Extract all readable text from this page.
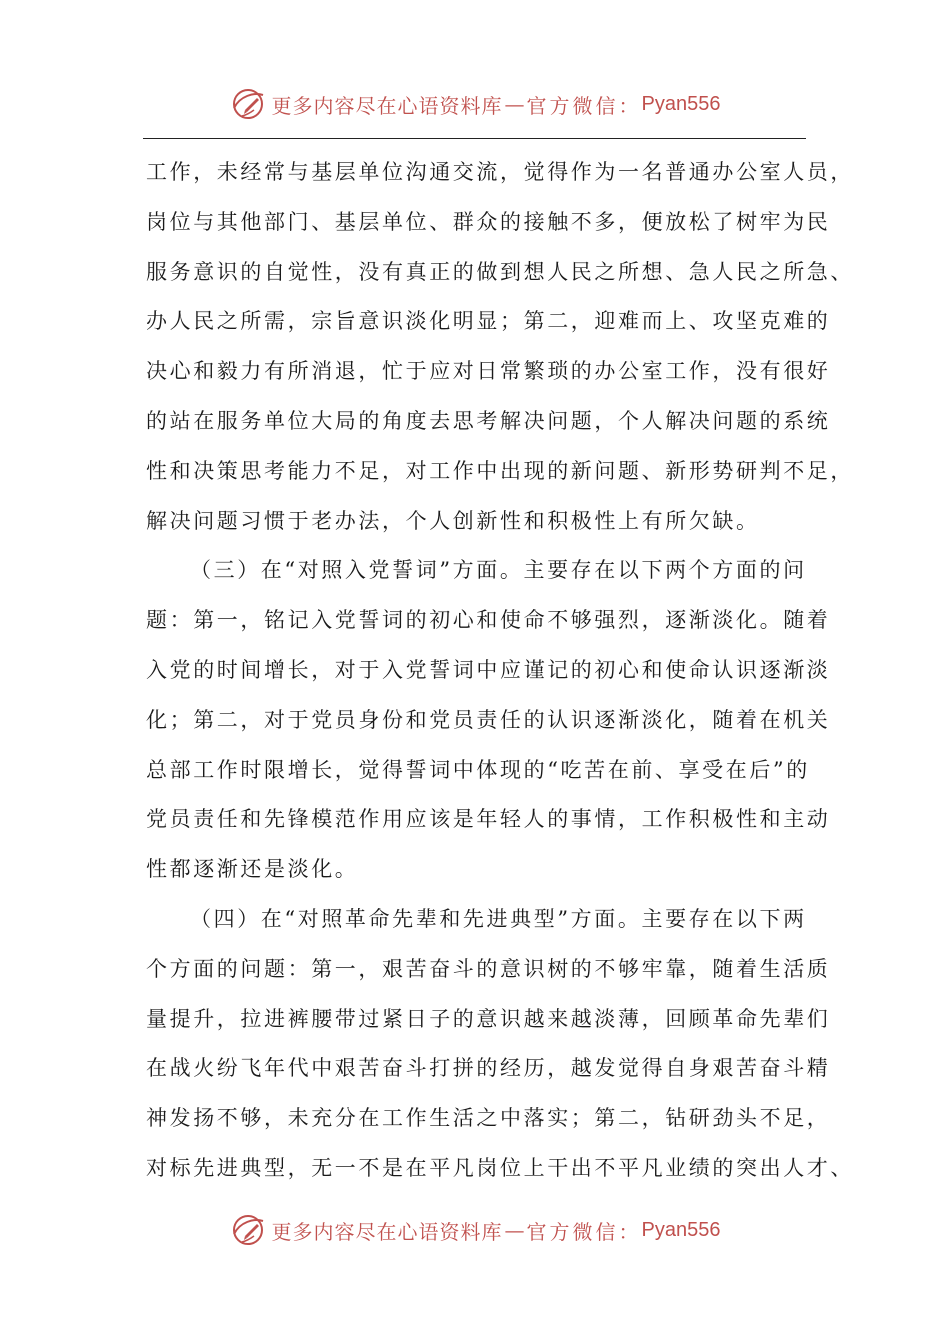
更多内容尽在心语资料库 — 官方微信： Pyan556
工作，未经常与基层单位沟通交流，觉得作为一名普通办公室人员，
岗位与其他部门、基层单位、群众的接触不多，便放松了树牢为民
服务意识的自觉性，没有真正的做到想人民之所想、急人民之所急、
办人民之所需，宗旨意识淡化明显；第二，迎难而上、攻坚克难的
决心和毅力有所消退，忙于应对日常繁琐的办公室工作，没有很好
的站在服务单位大局的角度去思考解决问题，个人解决问题的系统
性和决策思考能力不足，对工作中出现的新问题、新形势研判不足，
解决问题习惯于老办法，个人创新性和积极性上有所欠缺。
（三）在“对照入党誓词”方面。主要存在以下两个方面的问
题：第一，铭记入党誓词的初心和使命不够强烈，逐渐淡化。随着
入党的时间增长，对于入党誓词中应谨记的初心和使命认识逐渐淡
化；第二，对于党员身份和党员责任的认识逐渐淡化，随着在机关
总部工作时限增长，觉得誓词中体现的“吃苦在前、享受在后”的
党员责任和先锋模范作用应该是年轻人的事情，工作积极性和主动
性都逐渐还是淡化。
（四）在“对照革命先辈和先进典型”方面。主要存在以下两
个方面的问题：第一，艰苦奋斗的意识树的不够牢靠，随着生活质
量提升，拉进裤腰带过紧日子的意识越来越淡薄，回顾革命先辈们
在战火纷飞年代中艰苦奋斗打拼的经历，越发觉得自身艰苦奋斗精
神发扬不够，未充分在工作生活之中落实；第二，钻研劲头不足，
对标先进典型，无一不是在平凡岗位上干出不平凡业绩的突出人才、
更多内容尽在心语资料库 — 官方微信： Pyan556
